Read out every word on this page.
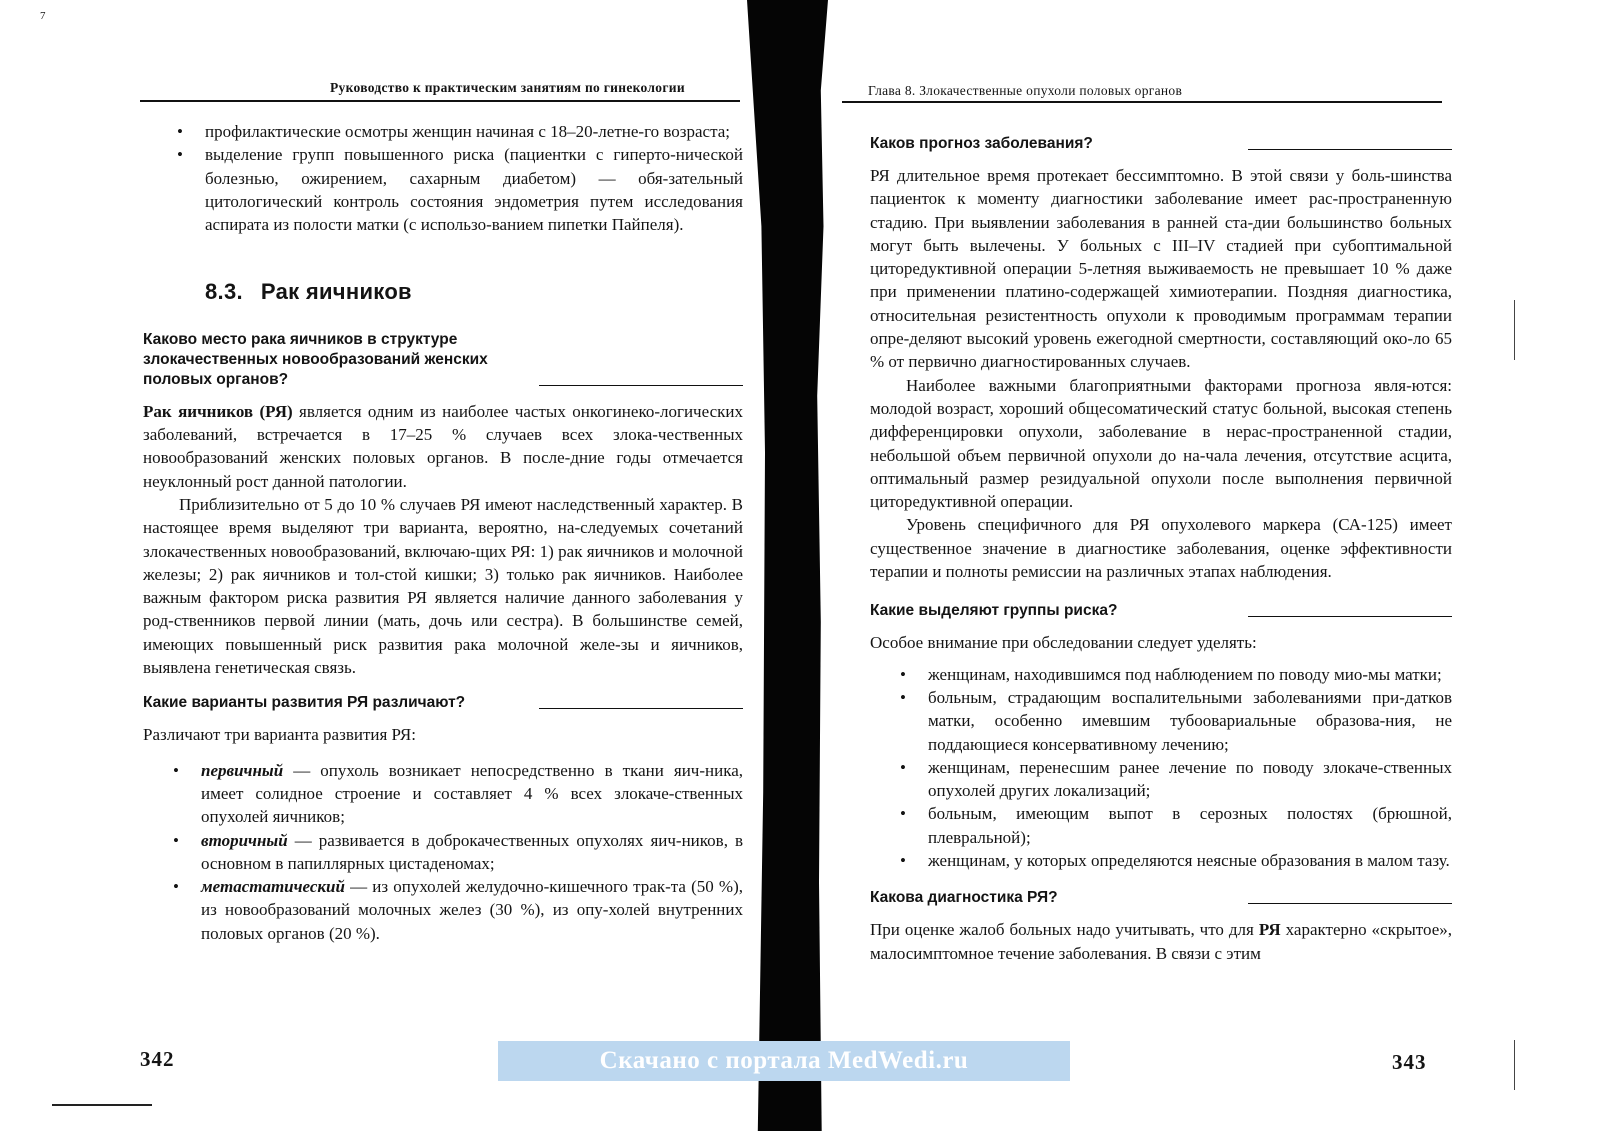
7
Руководство к практическим занятиям по гинекологии
• профилактические осмотры женщин начиная с 18–20-летне-го возраста;
• выделение групп повышенного риска (пациентки с гиперто-нической болезнью, ожирением, сахарным диабетом) — обя-зательный цитологический контроль состояния эндометрия путем исследования аспирата из полости матки (с использо-ванием пипетки Пайпеля).
8.3. Рак яичников
Каково место рака яичников в структуре злокачественных новообразований женских половых органов?

Рак яичников (РЯ) является одним из наиболее частых онкогинеко-логических заболеваний, встречается в 17–25 % случаев всех злока-чественных новообразований женских половых органов. В после-дние годы отмечается неуклонный рост данной патологии.

Приблизительно от 5 до 10 % случаев РЯ имеют наследственный характер. В настоящее время выделяют три варианта, вероятно, на-следуемых сочетаний злокачественных новообразований, включаю-щих РЯ: 1) рак яичников и молочной железы; 2) рак яичников и тол-стой кишки; 3) только рак яичников. Наиболее важным фактором риска развития РЯ является наличие данного заболевания у род-ственников первой линии (мать, дочь или сестра). В большинстве семей, имеющих повышенный риск развития рака молочной желе-зы и яичников, выявлена генетическая связь.

Какие варианты развития РЯ различают?

Различают три варианта развития РЯ:

• первичный — опухоль возникает непосредственно в ткани яич-ника, имеет солидное строение и составляет 4 % всех злокаче-ственных опухолей яичников;
• вторичный — развивается в доброкачественных опухолях яич-ников, в основном в папиллярных цистаденомах;
• метастатический — из опухолей желудочно-кишечного трак-та (50 %), из новообразований молочных желез (30 %), из опу-холей внутренних половых органов (20 %).
342
Глава 8. Злокачественные опухоли половых органов
Каков прогноз заболевания?

РЯ длительное время протекает бессимптомно. В этой связи у боль-шинства пациенток к моменту диагностики заболевание имеет рас-пространенную стадию. При выявлении заболевания в ранней ста-дии большинство больных могут быть вылечены. У больных с III–IV стадией при субоптимальной циторедуктивной операции 5-летняя выживаемость не превышает 10 % даже при применении платино-содержащей химиотерапии. Поздняя диагностика, относительная резистентность опухоли к проводимым программам терапии опре-деляют высокий уровень ежегодной смертности, составляющий око-ло 65 % от первично диагностированных случаев.

Наиболее важными благоприятными факторами прогноза явля-ются: молодой возраст, хороший общесоматический статус больной, высокая степень дифференцировки опухоли, заболевание в нерас-пространенной стадии, небольшой объем первичной опухоли до на-чала лечения, отсутствие асцита, оптимальный размер резидуальной опухоли после выполнения первичной циторедуктивной операции.

Уровень специфичного для РЯ опухолевого маркера (СА-125) имеет существенное значение в диагностике заболевания, оценке эффективности терапии и полноты ремиссии на различных этапах наблюдения.

Какие выделяют группы риска?

Особое внимание при обследовании следует уделять:

• женщинам, находившимся под наблюдением по поводу мио-мы матки;
• больным, страдающим воспалительными заболеваниями при-датков матки, особенно имевшим тубоовариальные образова-ния, не поддающиеся консервативному лечению;
• женщинам, перенесшим ранее лечение по поводу злокаче-ственных опухолей других локализаций;
• больным, имеющим выпот в серозных полостях (брюшной, плевральной);
• женщинам, у которых определяются неясные образования в малом тазу.
Какова диагностика РЯ?

При оценке жалоб больных надо учитывать, что для РЯ характерно «скрытое», малосимптомное течение заболевания. В связи с этим

343
Скачано с портала MedWedi.ru
